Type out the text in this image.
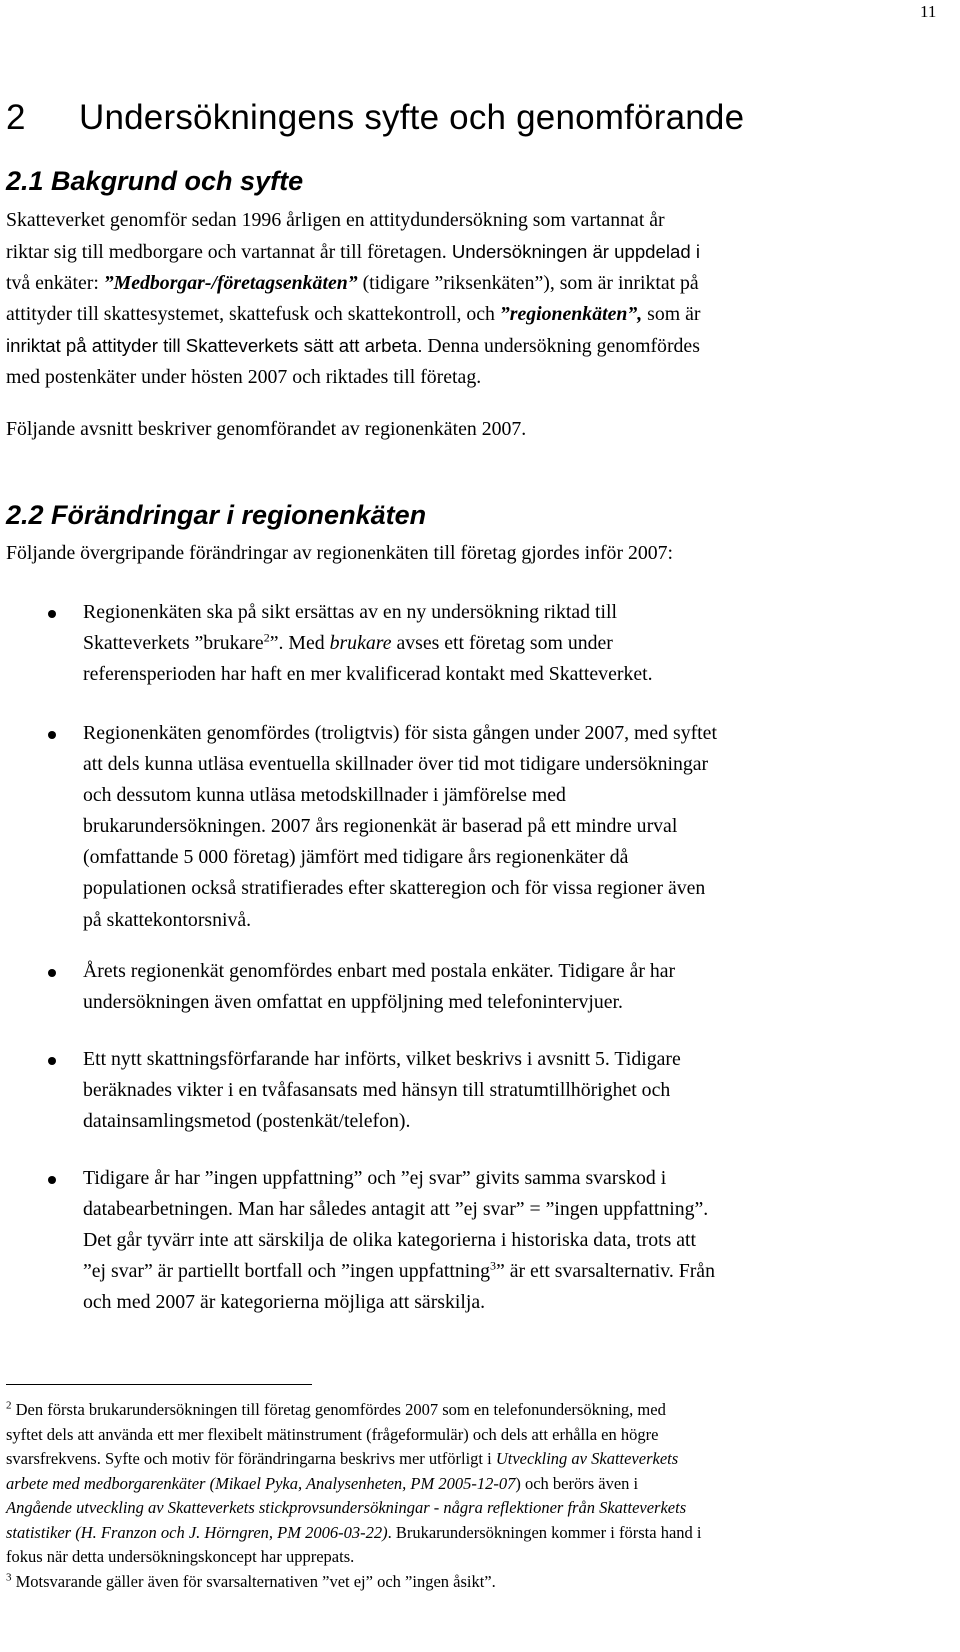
11
2 Undersökningens syfte och genomförande
2.1 Bakgrund och syfte
Skatteverket genomför sedan 1996 årligen en attitydundersökning som vartannat år
riktar sig till medborgare och vartannat år till företagen. Undersökningen är uppdelad i
två enkäter: ”Medborgar-/företagsenkäten” (tidigare ”riksenkäten”), som är inriktat på
attityder till skattesystemet, skattefusk och skattekontroll, och ”regionenkäten”, som är
inriktat på attityder till Skatteverkets sätt att arbeta. Denna undersökning genomfördes
med postenkäter under hösten 2007 och riktades till företag.
Följande avsnitt beskriver genomförandet av regionenkäten 2007.
2.2 Förändringar i regionenkäten
Följande övergripande förändringar av regionenkäten till företag gjordes inför 2007:
Regionenkäten ska på sikt ersättas av en ny undersökning riktad till
Skatteverkets ”brukare$^2$”. Med brukare avses ett företag som under
referensperioden har haft en mer kvalificerad kontakt med Skatteverket.
Regionenkäten genomfördes (troligtvis) för sista gången under 2007, med syftet
att dels kunna utläsa eventuella skillnader över tid mot tidigare undersökningar
och dessutom kunna utläsa metodskillnader i jämförelse med
brukarundersökningen. 2007 års regionenkät är baserad på ett mindre urval
(omfattande 5 000 företag) jämfört med tidigare års regionenkäter då
populationen också stratifierades efter skatteregion och för vissa regioner även
på skattekontorsnivå.
Årets regionenkät genomfördes enbart med postala enkäter. Tidigare år har
undersökningen även omfattat en uppföljning med telefonintervjuer.
Ett nytt skattningsförfarande har införts, vilket beskrivs i avsnitt 5. Tidigare
beräknades vikter i en tvåfasansats med hänsyn till stratumtillhörighet och
datainsamlingsmetod (postenkät/telefon).
Tidigare år har ”ingen uppfattning” och ”ej svar” givits samma svarskod i
databearbetningen. Man har således antagit att ”ej svar” = ”ingen uppfattning”.
Det går tyvärr inte att särskilja de olika kategorierna i historiska data, trots att
”ej svar” är partiellt bortfall och ”ingen uppfattning$^3$” är ett svarsalternativ. Från
och med 2007 är kategorierna möjliga att särskilja.
$^2$ Den första brukarundersökningen till företag genomfördes 2007 som en telefonundersökning, med
syftet dels att använda ett mer flexibelt mätinstrument (frågeformulär) och dels att erhålla en högre
svarsfrekvens. Syfte och motiv för förändringarna beskrivs mer utförligt i Utveckling av Skatteverkets
arbete med medborgarenkäter (Mikael Pyka, Analysenheten, PM 2005-12-07) och berörs även i
Angående utveckling av Skatteverkets stickprovsundersökningar - några reflektioner från Skatteverkets
statistiker (H. Franzon och J. Hörngren, PM 2006-03-22). Brukarundersökningen kommer i första hand i
fokus när detta undersökningskoncept har upprepats.
$^3$ Motsvarande gäller även för svarsalternativen ”vet ej” och ”ingen åsikt”.
